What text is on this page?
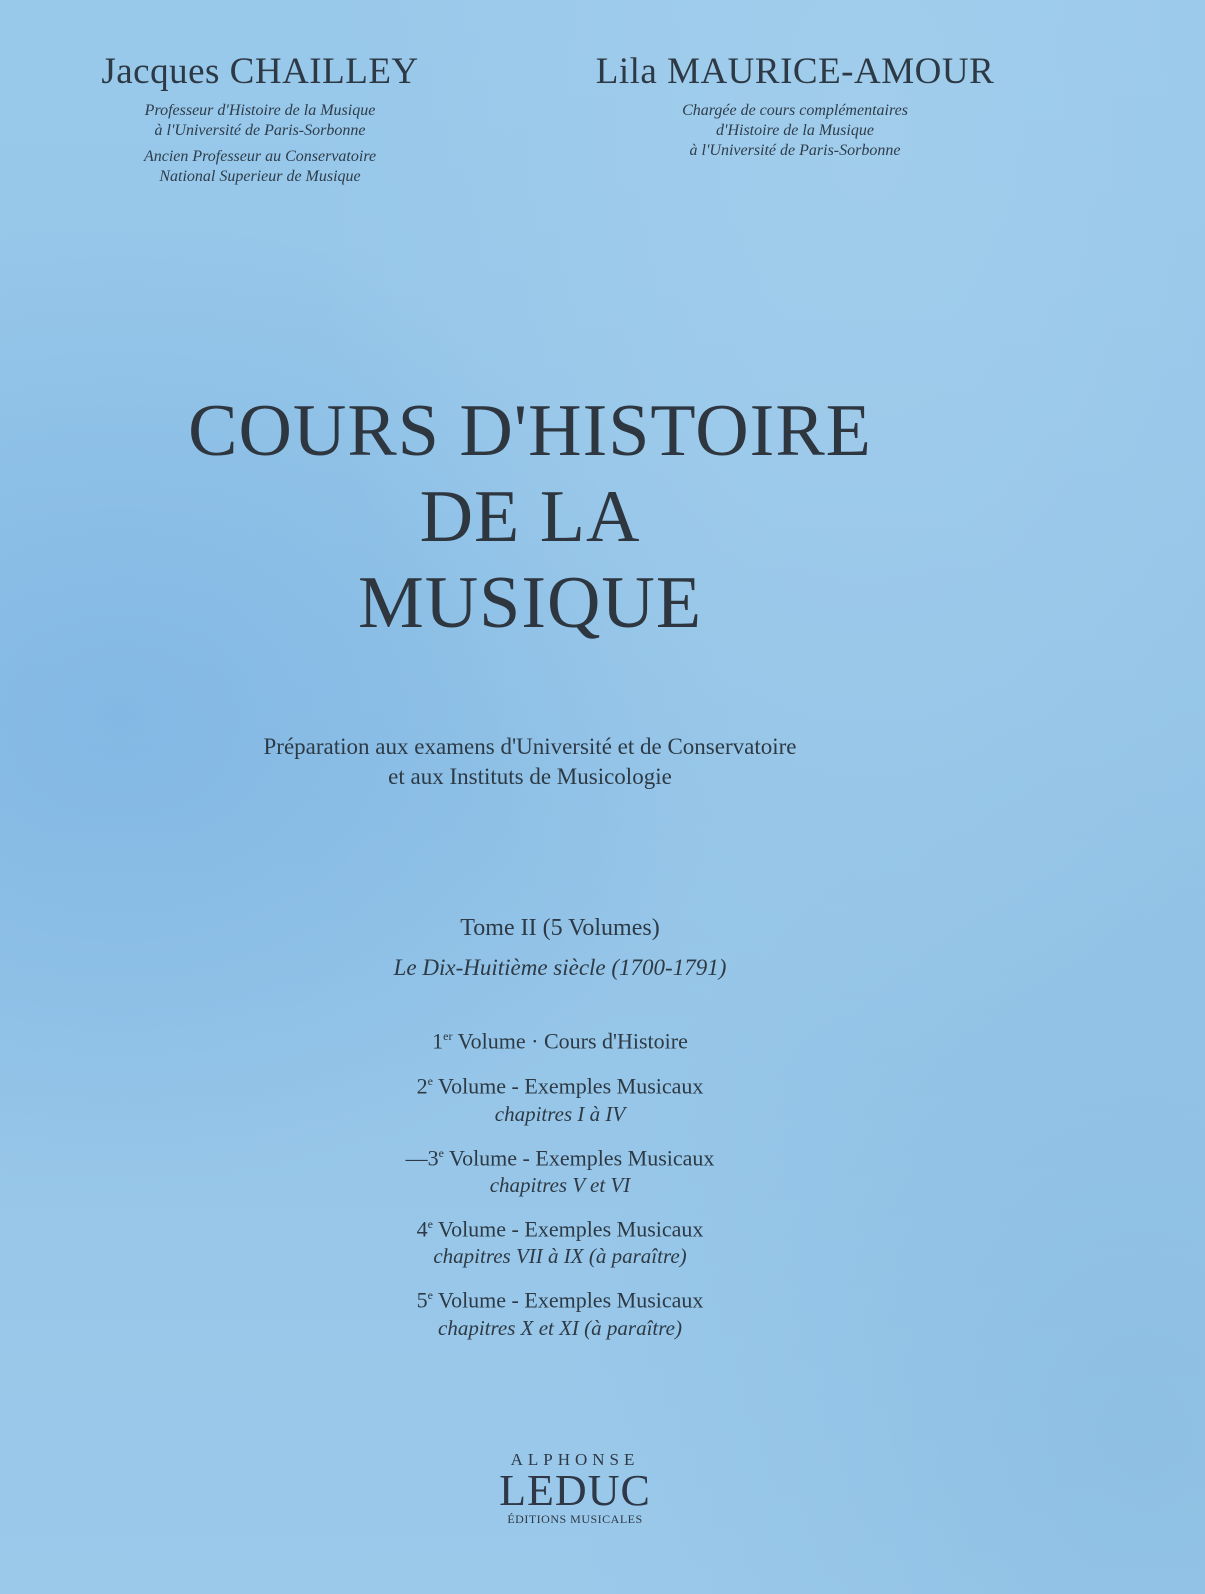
Jacques CHAILLEY
Professeur d'Histoire de la Musique
à l'Université de Paris-Sorbonne
Ancien Professeur au Conservatoire
National Superieur de Musique
Lila MAURICE-AMOUR
Chargée de cours complémentaires
d'Histoire de la Musique
à l'Université de Paris-Sorbonne
COURS D'HISTOIRE
DE LA
MUSIQUE
Préparation aux examens d'Université et de Conservatoire
et aux Instituts de Musicologie
Tome II (5 Volumes)
Le Dix-Huitième siècle (1700-1791)
1er Volume · Cours d'Histoire
2e Volume - Exemples Musicaux
chapitres I à IV
—3e Volume - Exemples Musicaux
chapitres V et VI
4e Volume - Exemples Musicaux
chapitres VII à IX (à paraître)
5e Volume - Exemples Musicaux
chapitres X et XI (à paraître)
ALPHONSE
LEDUC
ÉDITIONS MUSICALES
